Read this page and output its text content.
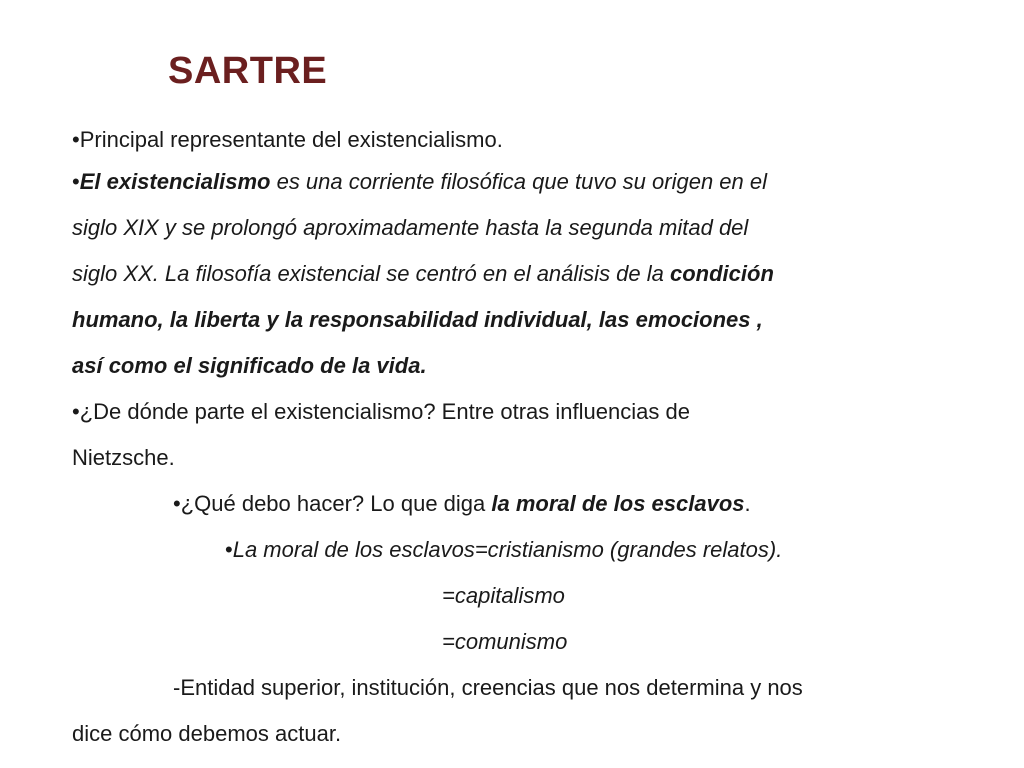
SARTRE
•Principal representante del existencialismo.
•El existencialismo es una corriente filosófica que tuvo su origen en el
siglo XIX y se prolongó aproximadamente hasta la segunda mitad del
siglo XX. La filosofía existencial se centró en el análisis de la condición
humano, la liberta y la responsabilidad individual, las emociones ,
así como el significado de la vida.
•¿De dónde parte el existencialismo? Entre otras influencias de
Nietzsche.
•¿Qué debo hacer? Lo que diga la moral de los esclavos.
•La moral de los esclavos=cristianismo (grandes relatos).
=capitalismo
=comunismo
-Entidad superior, institución, creencias que nos determina y nos
dice cómo debemos actuar.
